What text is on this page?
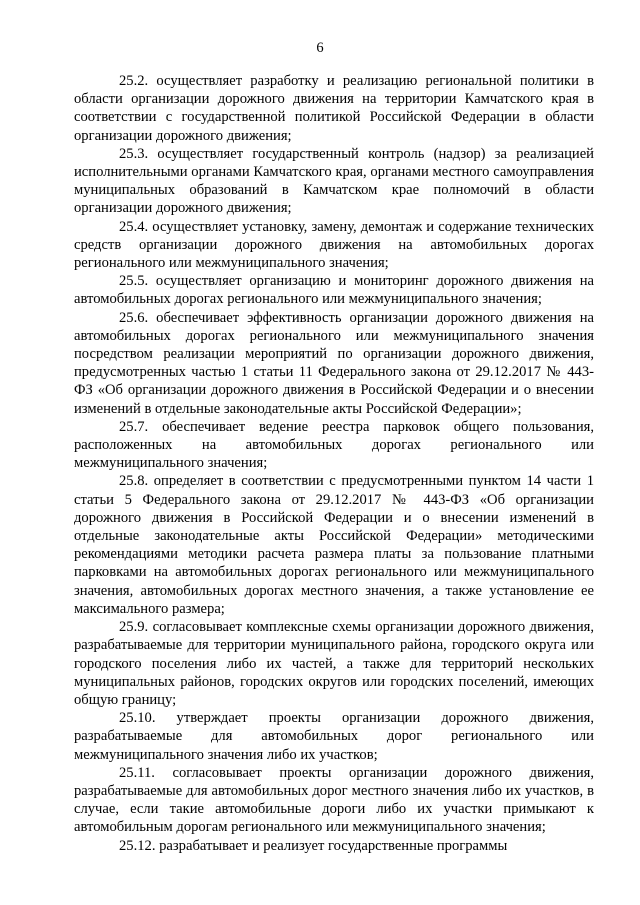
6

25.2. осуществляет разработку и реализацию региональной политики в области организации дорожного движения на территории Камчатского края в соответствии с государственной политикой Российской Федерации в области организации дорожного движения;

25.3. осуществляет государственный контроль (надзор) за реализацией исполнительными органами Камчатского края, органами местного самоуправления муниципальных образований в Камчатском крае полномочий в области организации дорожного движения;

25.4. осуществляет установку, замену, демонтаж и содержание технических средств организации дорожного движения на автомобильных дорогах регионального или межмуниципального значения;

25.5. осуществляет организацию и мониторинг дорожного движения на автомобильных дорогах регионального или межмуниципального значения;

25.6. обеспечивает эффективность организации дорожного движения на автомобильных дорогах регионального или межмуниципального значения посредством реализации мероприятий по организации дорожного движения, предусмотренных частью 1 статьи 11 Федерального закона от 29.12.2017 № 443-ФЗ «Об организации дорожного движения в Российской Федерации и о внесении изменений в отдельные законодательные акты Российской Федерации»;

25.7. обеспечивает ведение реестра парковок общего пользования, расположенных на автомобильных дорогах регионального или межмуниципального значения;

25.8. определяет в соответствии с предусмотренными пунктом 14 части 1 статьи 5 Федерального закона от 29.12.2017 № 443-ФЗ «Об организации дорожного движения в Российской Федерации и о внесении изменений в отдельные законодательные акты Российской Федерации» методическими рекомендациями методики расчета размера платы за пользование платными парковками на автомобильных дорогах регионального или межмуниципального значения, автомобильных дорогах местного значения, а также установление ее максимального размера;

25.9. согласовывает комплексные схемы организации дорожного движения, разрабатываемые для территории муниципального района, городского округа или городского поселения либо их частей, а также для территорий нескольких муниципальных районов, городских округов или городских поселений, имеющих общую границу;

25.10. утверждает проекты организации дорожного движения, разрабатываемые для автомобильных дорог регионального или межмуниципального значения либо их участков;

25.11. согласовывает проекты организации дорожного движения, разрабатываемые для автомобильных дорог местного значения либо их участков, в случае, если такие автомобильные дороги либо их участки примыкают к автомобильным дорогам регионального или межмуниципального значения;

25.12. разрабатывает и реализует государственные программы
